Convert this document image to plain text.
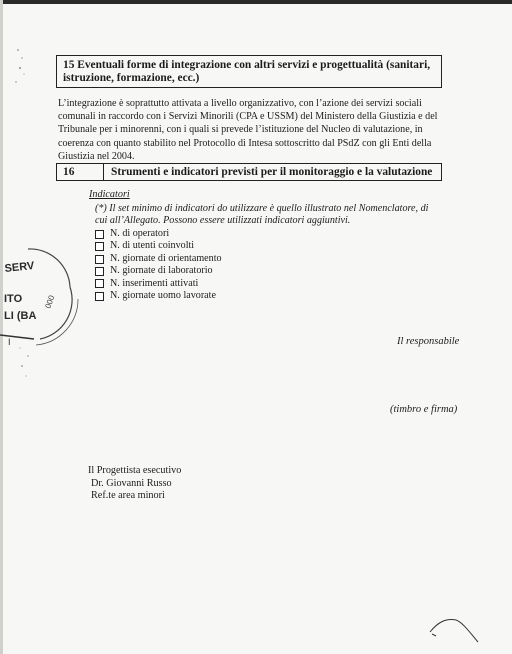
15 Eventuali forme di integrazione con altri servizi e progettualità (sanitari,
istruzione, formazione, ecc.)
L’integrazione è soprattutto attivata a livello organizzativo, con l’azione dei servizi sociali comunali in raccordo con i Servizi Minorili (CPA e USSM) del Ministero della Giustizia e del Tribunale per i minorenni, con i quali si prevede l’istituzione del Nucleo di valutazione, in coerenza con quanto stabilito nel Protocollo di Intesa sottoscritto dal PSdZ con gli Enti della Giustizia nel 2004.
16	Strumenti e indicatori previsti per il monitoraggio e la valutazione
Indicatori
(*) Il set minimo di indicatori do utilizzare è quello illustrato nel Nomenclatore, di
cui all’Allegato. Possono essere utilizzati indicatori aggiuntivi.
N. di operatori
N. di utenti coinvolti
N. giornate di orientamento
N. giornate di laboratorio
N. inserimenti attivati
N. giornate uomo lavorate
SERV
ITO
LI (BA
I
000
Il responsabile
(timbro e firma)
Il Progettista esecutivo
Dr. Giovanni Russo
Ref.te area minori
